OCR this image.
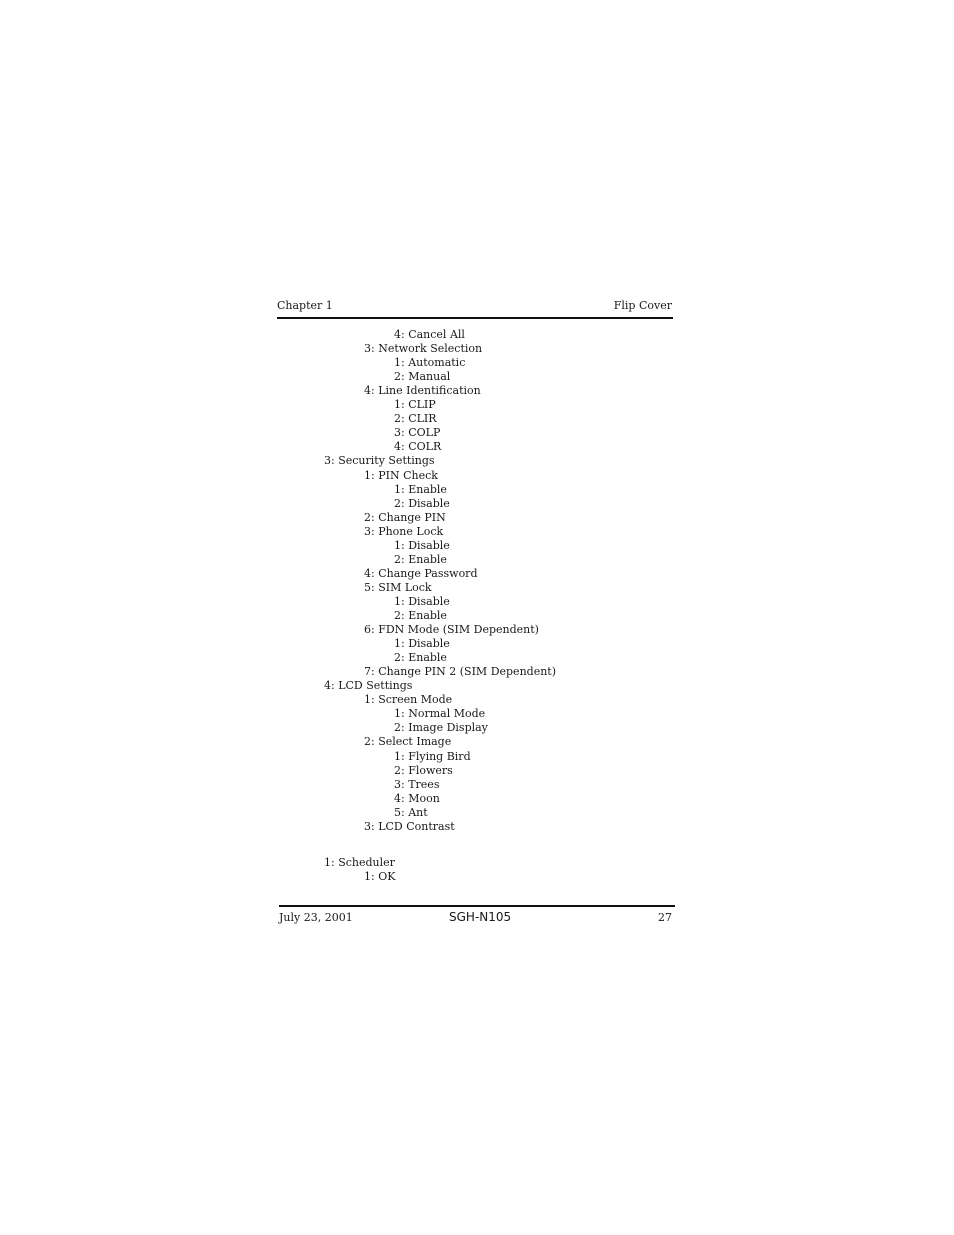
Chapter 1	Flip Cover
4: Cancel All
3: Network Selection
1: Automatic
2: Manual
4: Line Identification
1: CLIP
2: CLIR
3: COLP
4: COLR
3: Security Settings
1: PIN Check
1: Enable
2: Disable
2: Change PIN
3: Phone Lock
1: Disable
2: Enable
4: Change Password
5: SIM Lock
1: Disable
2: Enable
6: FDN Mode (SIM Dependent)
1: Disable
2: Enable
7: Change PIN 2 (SIM Dependent)
4: LCD Settings
1: Screen Mode
1: Normal Mode
2: Image Display
2: Select Image
1: Flying Bird
2: Flowers
3: Trees
4: Moon
5: Ant
3: LCD Contrast
1: Scheduler
1: OK
July 23, 2001	SGH-N105	27
